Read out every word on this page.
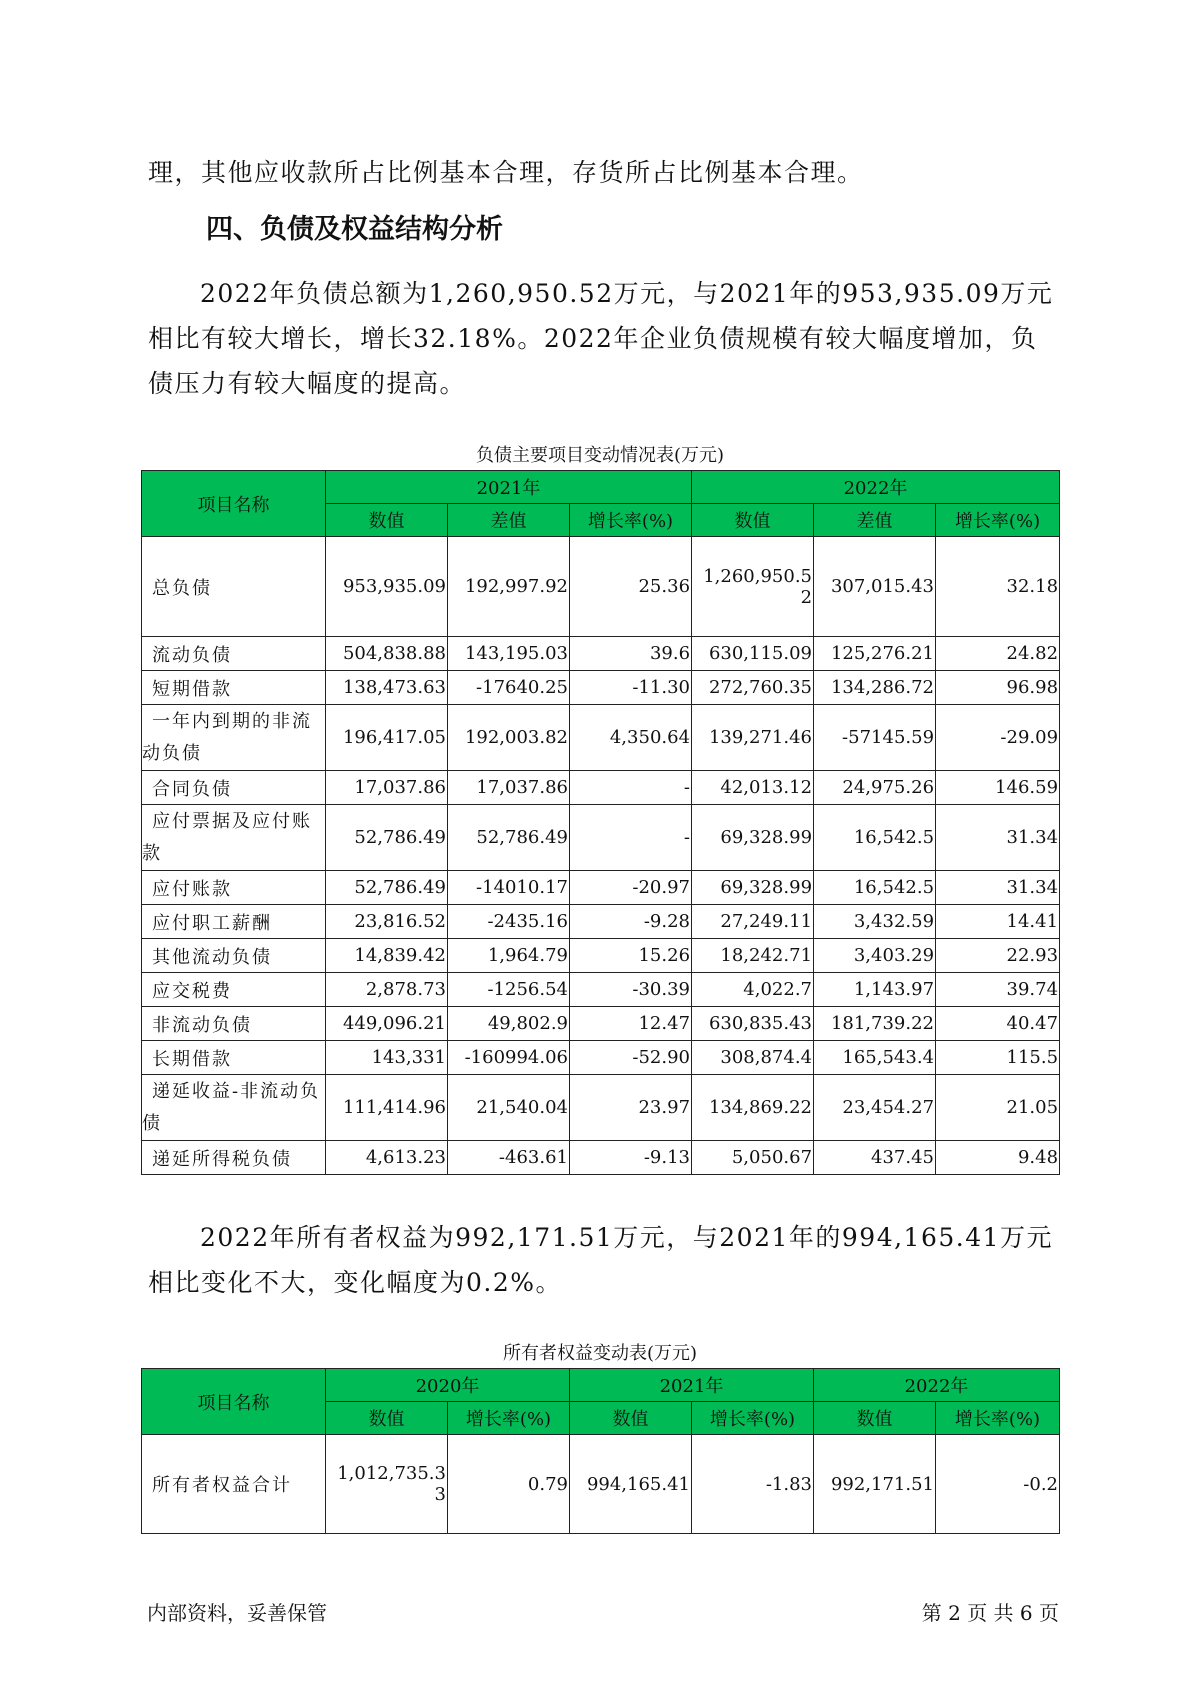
理，其他应收款所占比例基本合理，存货所占比例基本合理。

四、负债及权益结构分析

2022年负债总额为1,260,950.52万元，与2021年的953,935.09万元相比有较大增长，增长32.18%。2022年企业负债规模有较大幅度增加，负债压力有较大幅度的提高。

负债主要项目变动情况表(万元)
项目名称	2021年			2022年		
	数值	差值	增长率(%)	数值	差值	增长率(%)
总负债	953,935.09	192,997.92	25.36	1,260,950.52	307,015.43	32.18
流动负债	504,838.88	143,195.03	39.6	630,115.09	125,276.21	24.82
短期借款	138,473.63	-17640.25	-11.30	272,760.35	134,286.72	96.98
一年内到期的非流动负债	196,417.05	192,003.82	4,350.64	139,271.46	-57145.59	-29.09
合同负债	17,037.86	17,037.86	-	42,013.12	24,975.26	146.59
应付票据及应付账款	52,786.49	52,786.49	-	69,328.99	16,542.5	31.34
应付账款	52,786.49	-14010.17	-20.97	69,328.99	16,542.5	31.34
应付职工薪酬	23,816.52	-2435.16	-9.28	27,249.11	3,432.59	14.41
其他流动负债	14,839.42	1,964.79	15.26	18,242.71	3,403.29	22.93
应交税费	2,878.73	-1256.54	-30.39	4,022.7	1,143.97	39.74
非流动负债	449,096.21	49,802.9	12.47	630,835.43	181,739.22	40.47
长期借款	143,331	-160994.06	-52.90	308,874.4	165,543.4	115.5
递延收益-非流动负债	111,414.96	21,540.04	23.97	134,869.22	23,454.27	21.05
递延所得税负债	4,613.23	-463.61	-9.13	5,050.67	437.45	9.48

2022年所有者权益为992,171.51万元，与2021年的994,165.41万元相比变化不大，变化幅度为0.2%。

所有者权益变动表(万元)
项目名称	2020年		2021年		2022年	
	数值	增长率(%)	数值	增长率(%)	数值	增长率(%)
所有者权益合计	1,012,735.33	0.79	994,165.41	-1.83	992,171.51	-0.2
内部资料，妥善保管	第 2 页 共 6 页
